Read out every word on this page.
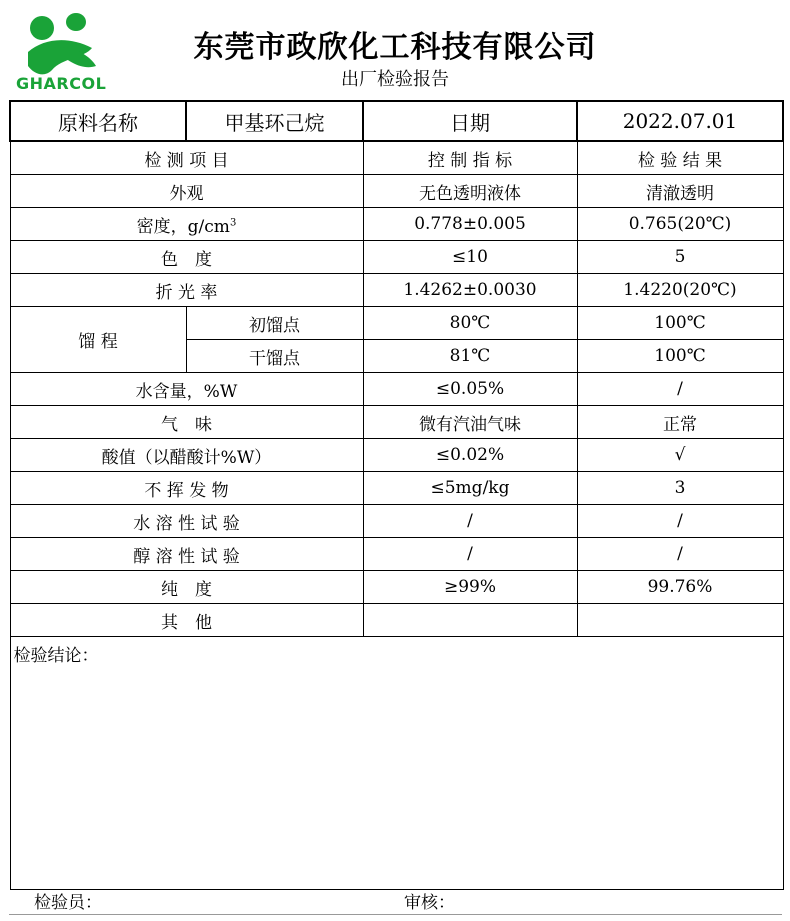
GHARCOL
东莞市政欣化工科技有限公司
出厂检验报告
原料名称	甲基环己烷	日期	2022.07.01
检 测 项 目		控 制 指 标	检 验 结 果
外观		无色透明液体	清澈透明
密度，$g/cm^3$		0.778±0.005	0.765(20℃)
色　度		≤10	5
折 光 率		1.4262±0.0030	1.4220(20℃)
馏 程	初馏点	80℃	100℃
	干馏点	81℃	100℃
水含量，%W		≤0.05%	/
气　味		微有汽油气味	正常
酸值（以醋酸计%W）		≤0.02%	√
不 挥 发 物		≤5mg/kg	3
水 溶 性 试 验		/	/
醇 溶 性 试 验		/	/
纯　度		≥99%	99.76%
其　他			
检验结论：			
检验员：	审核：
